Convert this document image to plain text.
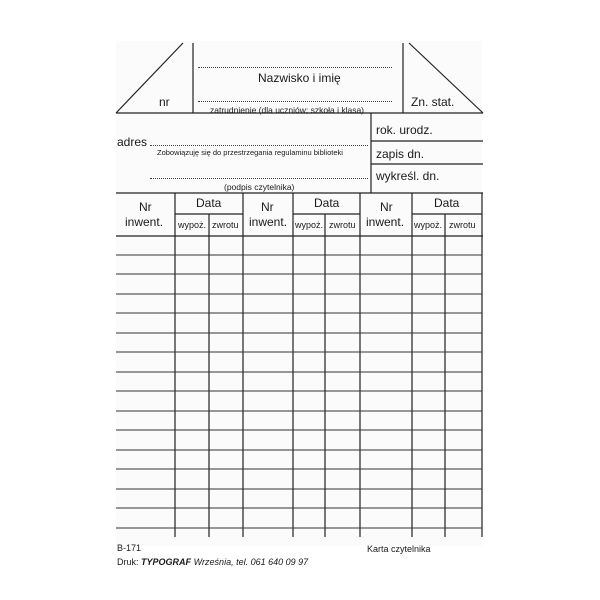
nr
Nazwisko i imię
zatrudnienie (dla uczniów; szkoła i klasa)
Zn. stat.
adres
Zobowiązuję się do przestrzegania regulaminu biblioteki
(podpis czytelnika)
rok. urodz.
zapis dn.
wykreśl. dn.
Nr
inwent.
Data
wypoż. zwrotu
Nr
inwent.
Data
wypoż. zwrotu
Nr
inwent.
Data
wypoż. zwrotu
B-171	Karta czytelnika
Druk: TYPOGRAF Września, tel. 061 640 09 97
